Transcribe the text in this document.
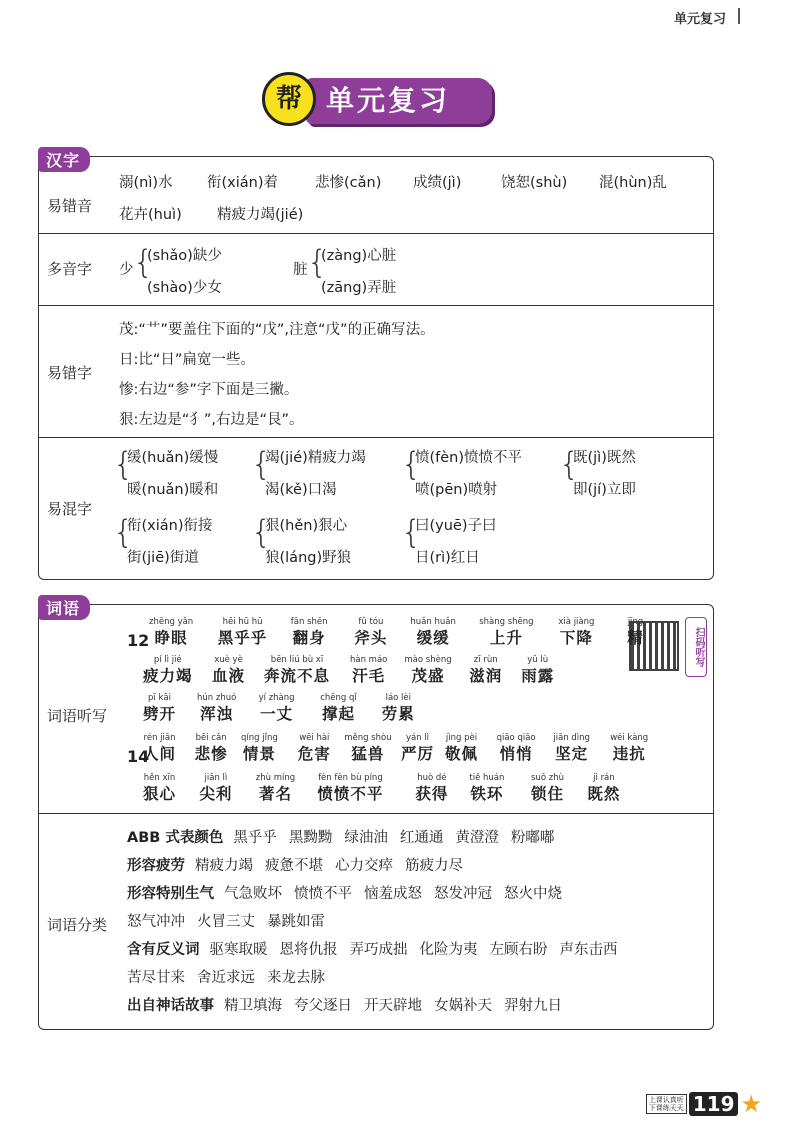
单元复习
单元复习
帮
汉字
易错音
溺(nì)水 衔(xián)着	悲惨(cǎn) 成绩(jì)	饶恕(shù) 混(hùn)乱
花卉(huì) 精疲力竭(jié)
多音字 少 {
(shǎo)缺少
(shào)少女
脏 {
(zàng)心脏
(zāng)弄脏
易错字
茂:“艹”要盖住下面的“戊”,注意“戊”的正确写法。
日:比“日”扁宽一些。
惨:右边“参”字下面是三撇。
狠:左边是“犭”,右边是“艮”。
易混字
{
缓(huǎn)缓慢
暖(nuǎn)暖和
{
竭(jié)精疲力竭
渴(kě)口渴
{
愤(fèn)愤愤不平
喷(pēn)喷射
{
既(jì)既然
即(jí)立即
{
衔(xián)衔接
街(jiē)街道
{
狠(hěn)狠心
狼(láng)野狼
{
曰(yuē)子曰
日(rì)红日
词语
扫码听写
词语听写
12
14
zhēng yǎn
睁眼
hēi hū hū
黑乎乎
fān shēn
翻身
fǔ tóu
斧头
huǎn huǎn
缓缓
shàng shēng
上升
xià jiàng
下降
jīng
精
pí lì jié
疲力竭
xuè yè
血液
bēn liú bù xī
奔流不息
hàn máo
汗毛
mào shèng
茂盛
zī rùn
滋润
yǔ lù
雨露
pī kāi
劈开
hún zhuó
浑浊
yí zhàng
一丈
chēng qǐ
撑起
láo lèi
劳累
rén jiān
人间
bēi cǎn
悲惨
qíng jǐng
情景
wēi hài
危害
měng shòu
猛兽
yán lì
严厉
jìng pèi
敬佩
qiāo qiāo
悄悄
jiān dìng
坚定
wéi kàng
违抗
hěn xīn
狠心
jiān lì
尖利
zhù míng
著名
fèn fèn bù píng
愤愤不平
huò dé
获得
tiě huán
铁环
suǒ zhù
锁住
jì rán
既然
词语分类
ABB 式表颜色 黑乎乎 黑黝黝 绿油油 红通通 黄澄澄 粉嘟嘟
形容疲劳 精疲力竭 疲惫不堪 心力交瘁 筋疲力尽
形容特别生气 气急败坏 愤愤不平 恼羞成怒 怒发冲冠 怒火中烧
怒气冲冲 火冒三丈 暴跳如雷
含有反义词 驱寒取暖 恩将仇报 弄巧成拙 化险为夷 左顾右盼 声东击西
苦尽甘来 舍近求远 来龙去脉
出自神话故事 精卫填海 夸父逐日 开天辟地 女娲补天 羿射九日
上课认真听
下课练天天 119 ★
